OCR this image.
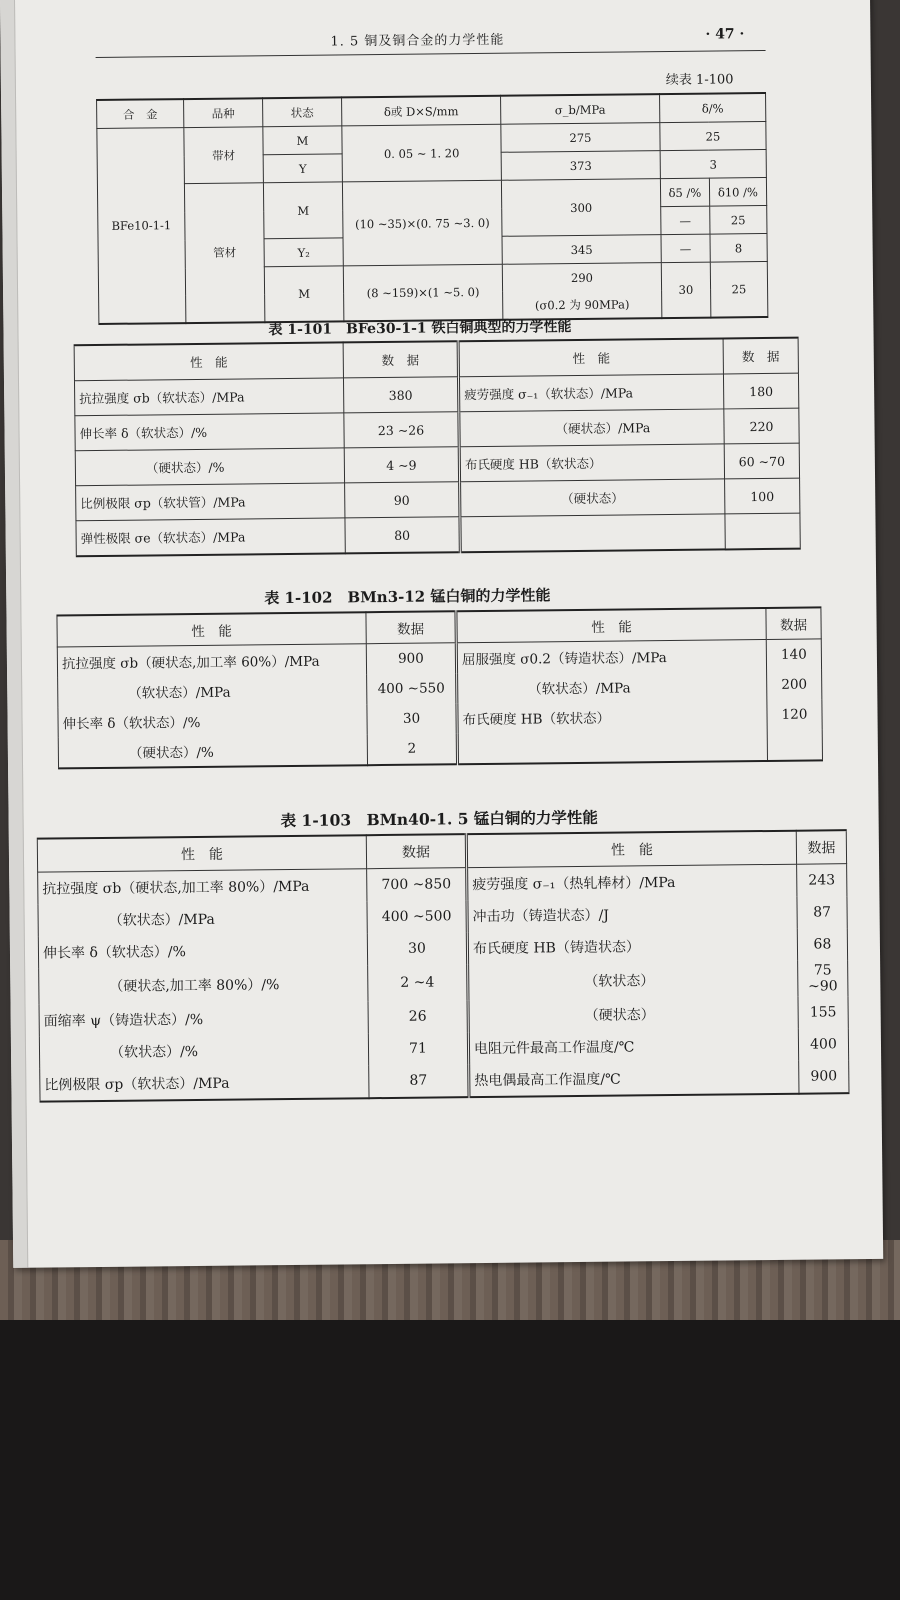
1. 5 铜及铜合金的力学性能	· 47 ·
续表 1-100
合　金	品种	状态	δ或 D×S/mm	σ_b/MPa	δ/%	
BFe10-1-1	带材	M	0. 05 ~ 1. 20	275	25	
		Y		373	3	
	管材	M	(10 ~35)×(0. 75 ~3. 0)	300	δ5 /%	δ10 /%
					—	25

		Y₂		345	—	8
		M	(8 ~159)×(1 ~5. 0)	290	30	25
				(σ0.2 为 90MPa)		
表 1-101　BFe30-1-1 铁白铜典型的力学性能
性　能	数　据	性　能	数　据
抗拉强度 σb（软状态）/MPa	380	疲劳强度 σ₋₁（软状态）/MPa	180
伸长率 δ（软状态）/%	23 ~26	（硬状态）/MPa	220
（硬状态）/%	4 ~9	布氏硬度 HB（软状态）	60 ~70
比例极限 σp（软状管）/MPa	90	（硬状态）	100
弹性极限 σe（软状态）/MPa	80		
表 1-102　BMn3-12 锰白铜的力学性能
性　能	数据	性　能	数据
抗拉强度 σb（硬状态,加工率 60%）/MPa	900	屈服强度 σ0.2（铸造状态）/MPa	140
（软状态）/MPa	400 ~550	（软状态）/MPa	200
伸长率 δ（软状态）/%	30	布氏硬度 HB（软状态）	120
（硬状态）/%	2		
表 1-103　BMn40-1. 5 锰白铜的力学性能
性　能	数据	性　能	数据
抗拉强度 σb（硬状态,加工率 80%）/MPa	700 ~850	疲劳强度 σ₋₁（热轧棒材）/MPa	243
（软状态）/MPa	400 ~500	冲击功（铸造状态）/J	87
伸长率 δ（软状态）/%	30	布氏硬度 HB（铸造状态）	68
（硬状态,加工率 80%）/%	2 ~4	（软状态）	75 ~90
面缩率 ψ（铸造状态）/%	26	（硬状态）	155
（软状态）/%	71	电阻元件最高工作温度/℃	400
比例极限 σp（软状态）/MPa	87	热电偶最高工作温度/℃	900
